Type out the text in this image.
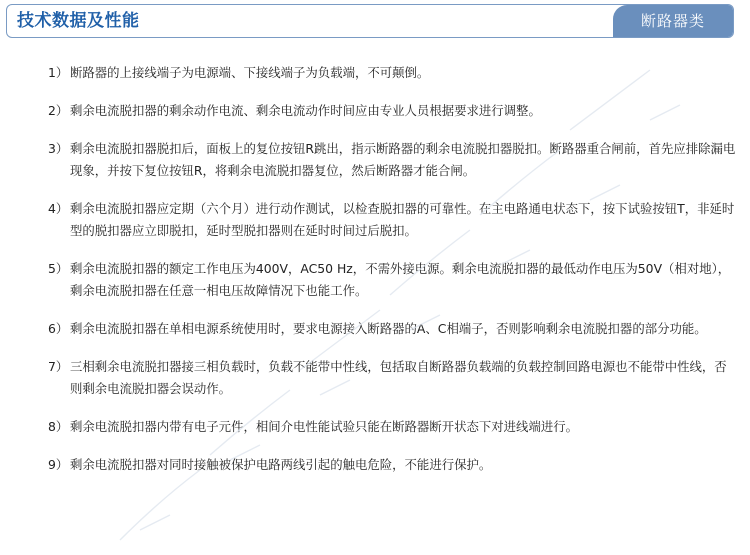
技术数据及性能	断路器类
1） 断路器的上接线端子为电源端、下接线端子为负载端，不可颠倒。
2） 剩余电流脱扣器的剩余动作电流、剩余电流动作时间应由专业人员根据要求进行调整。
3） 剩余电流脱扣器脱扣后，面板上的复位按钮R跳出，指示断路器的剩余电流脱扣器脱扣。断路器重合闸前，首先应排除漏电现象，并按下复位按钮R，将剩余电流脱扣器复位，然后断路器才能合闸。
4） 剩余电流脱扣器应定期（六个月）进行动作测试，以检查脱扣器的可靠性。在主电路通电状态下，按下试验按钮T，非延时型的脱扣器应立即脱扣，延时型脱扣器则在延时时间过后脱扣。
5） 剩余电流脱扣器的额定工作电压为400V，AC50 Hz，不需外接电源。剩余电流脱扣器的最低动作电压为50V（相对地），剩余电流脱扣器在任意一相电压故障情况下也能工作。
6） 剩余电流脱扣器在单相电源系统使用时，要求电源接入断路器的A、C相端子，否则影响剩余电流脱扣器的部分功能。
7） 三相剩余电流脱扣器接三相负载时，负载不能带中性线，包括取自断路器负载端的负载控制回路电源也不能带中性线，否则剩余电流脱扣器会误动作。
8） 剩余电流脱扣器内带有电子元件，相间介电性能试验只能在断路器断开状态下对进线端进行。
9） 剩余电流脱扣器对同时接触被保护电路两线引起的触电危险，不能进行保护。
